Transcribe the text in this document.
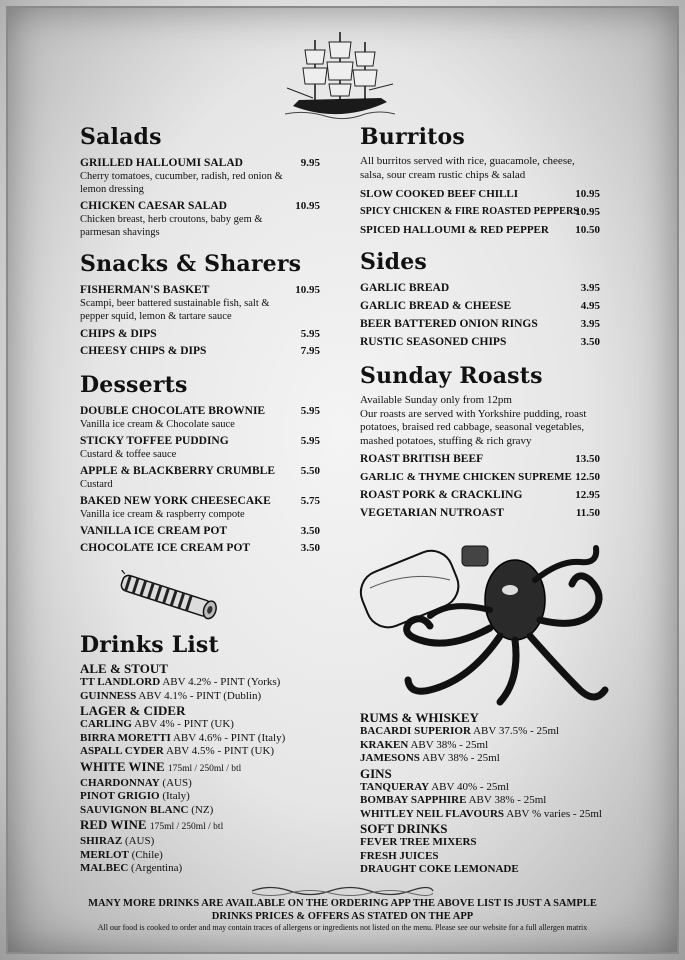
Salads
GRILLED HALLOUMI SALAD	9.95
Cherry tomatoes, cucumber, radish, red onion & lemon dressing
CHICKEN CAESAR SALAD	10.95
Chicken breast, herb croutons, baby gem & parmesan shavings
Snacks & Sharers
FISHERMAN'S BASKET	10.95
Scampi, beer battered sustainable fish, salt & pepper squid, lemon & tartare sauce
CHIPS & DIPS	5.95
CHEESY CHIPS & DIPS	7.95
Desserts
DOUBLE CHOCOLATE BROWNIE	5.95
Vanilla ice cream & Chocolate sauce
STICKY TOFFEE PUDDING	5.95
Custard & toffee sauce
APPLE & BLACKBERRY CRUMBLE	5.50
Custard
BAKED NEW YORK CHEESECAKE	5.75
Vanilla ice cream & raspberry compote
VANILLA ICE CREAM POT	3.50
CHOCOLATE ICE CREAM POT	3.50
Burritos

All burritos served with rice, guacamole, cheese, salsa, sour cream rustic chips & salad

SLOW COOKED BEEF CHILLI	10.95
SPICY CHICKEN & FIRE ROASTED PEPPERS
10.95
SPICED HALLOUMI & RED PEPPER	10.50
Sides
GARLIC BREAD	3.95
GARLIC BREAD & CHEESE	4.95
BEER BATTERED ONION RINGS	3.95
RUSTIC SEASONED CHIPS	3.50
Sunday Roasts

Available Sunday only from 12pm

Our roasts are served with Yorkshire pudding, roast potatoes, braised red cabbage, seasonal vegetables, mashed potatoes, stuffing & rich gravy

ROAST BRITISH BEEF	13.50
GARLIC & THYME CHICKEN SUPREME 12.50
ROAST PORK & CRACKLING	12.95
VEGETARIAN NUTROAST	11.50
Drinks List
ALE & STOUT
TT LANDLORD ABV 4.2% - PINT (Yorks)
GUINNESS ABV 4.1% - PINT (Dublin)
LAGER & CIDER
CARLING ABV 4% - PINT (UK)
BIRRA MORETTI ABV 4.6% - PINT (Italy)
ASPALL CYDER ABV 4.5% - PINT (UK)
WHITE WINE 175ml / 250ml / btl
CHARDONNAY (AUS)
PINOT GRIGIO (Italy)
SAUVIGNON BLANC (NZ)
RED WINE 175ml / 250ml / btl
SHIRAZ (AUS)
MERLOT (Chile)
MALBEC (Argentina)
RUMS & WHISKEY
BACARDI SUPERIOR ABV 37.5% - 25ml
KRAKEN ABV 38% - 25ml
JAMESONS ABV 38% - 25ml
GINS
TANQUERAY ABV 40% - 25ml
BOMBAY SAPPHIRE ABV 38% - 25ml
WHITLEY NEIL FLAVOURS ABV % varies - 25ml
SOFT DRINKS
FEVER TREE MIXERS
FRESH JUICES
DRAUGHT COKE LEMONADE
MANY MORE DRINKS ARE AVAILABLE ON THE ORDERING APP THE ABOVE LIST IS JUST A SAMPLE
DRINKS PRICES & OFFERS AS STATED ON THE APP
All our food is cooked to order and may contain traces of allergens or ingredients not listed on the menu. Please see our website for a full allergen matrix
